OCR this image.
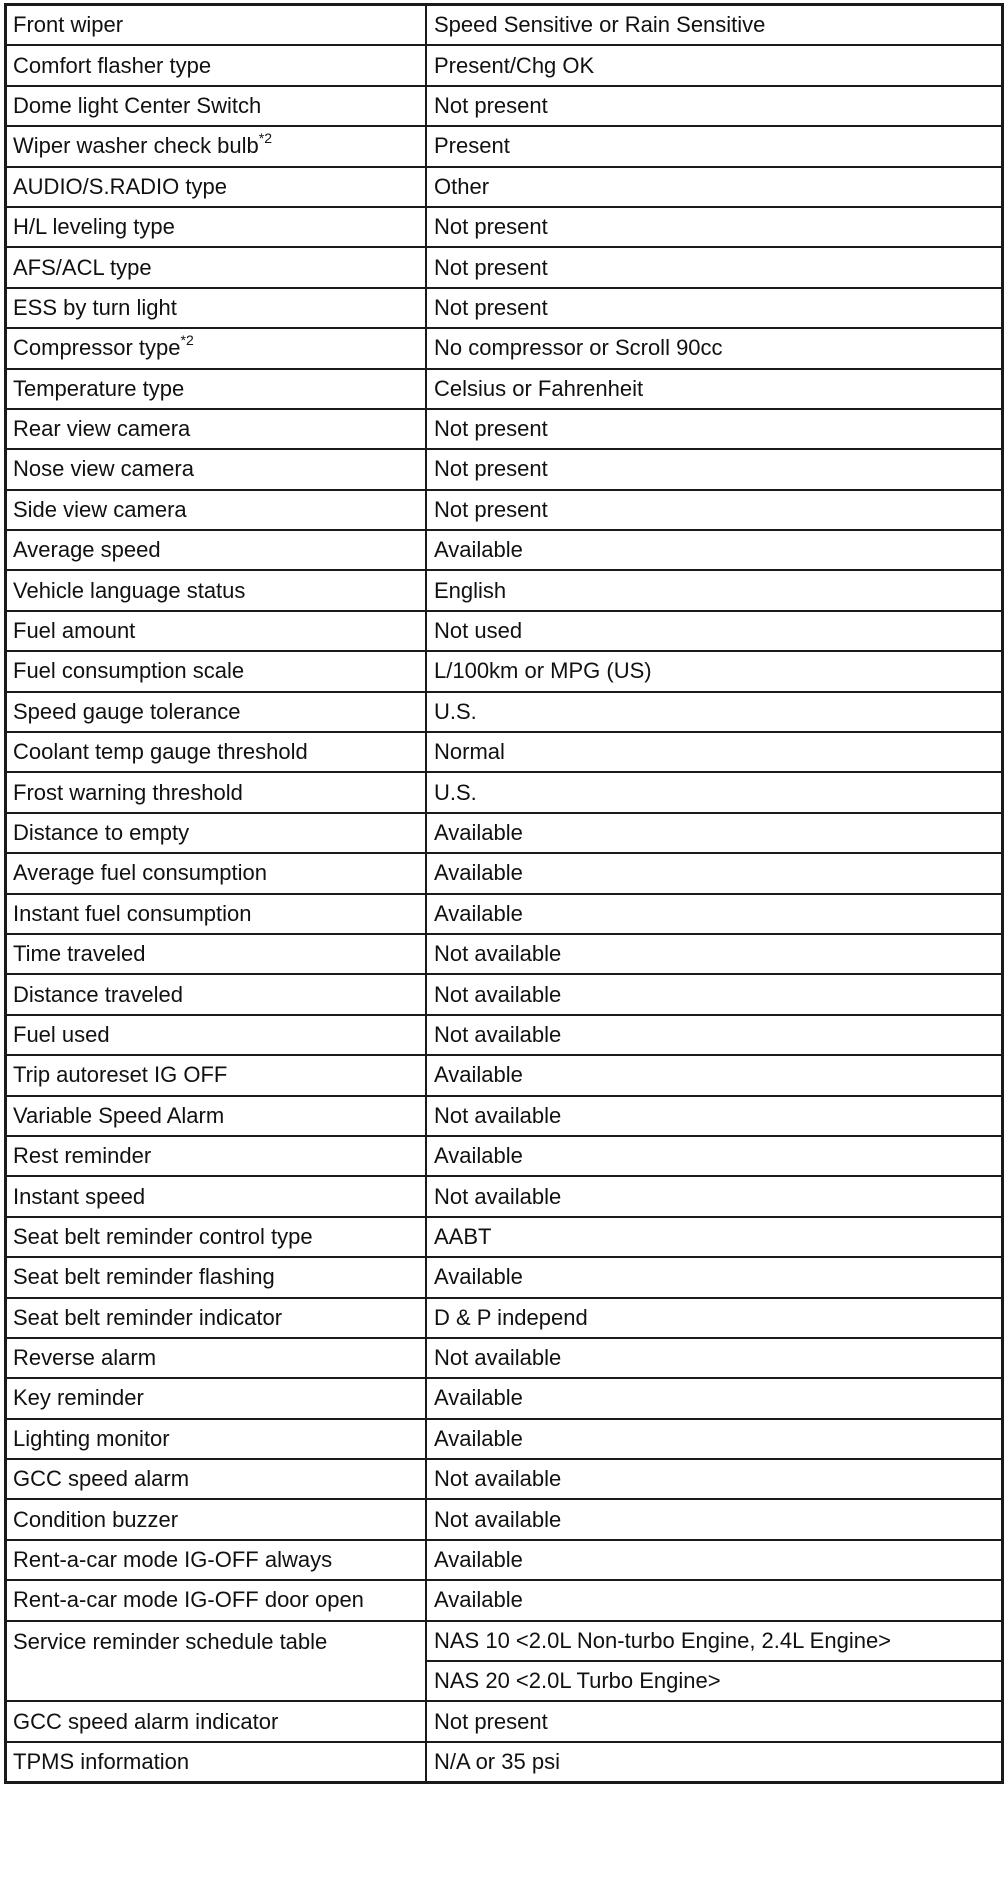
Front wiper	Speed Sensitive or Rain Sensitive
Comfort flasher type	Present/Chg OK
Dome light Center Switch	Not present
Wiper washer check bulb$^{*2}$	Present
AUDIO/S.RADIO type	Other
H/L leveling type	Not present
AFS/ACL type	Not present
ESS by turn light	Not present
Compressor type$^{*2}$	No compressor or Scroll 90cc
Temperature type	Celsius or Fahrenheit
Rear view camera	Not present
Nose view camera	Not present
Side view camera	Not present
Average speed	Available
Vehicle language status	English
Fuel amount	Not used
Fuel consumption scale	L/100km or MPG (US)
Speed gauge tolerance	U.S.
Coolant temp gauge threshold	Normal
Frost warning threshold	U.S.
Distance to empty	Available
Average fuel consumption	Available
Instant fuel consumption	Available
Time traveled	Not available
Distance traveled	Not available
Fuel used	Not available
Trip autoreset IG OFF	Available
Variable Speed Alarm	Not available
Rest reminder	Available
Instant speed	Not available
Seat belt reminder control type	AABT
Seat belt reminder flashing	Available
Seat belt reminder indicator	D & P independ
Reverse alarm	Not available
Key reminder	Available
Lighting monitor	Available
GCC speed alarm	Not available
Condition buzzer	Not available
Rent-a-car mode IG-OFF always	Available
Rent-a-car mode IG-OFF door open	Available
Service reminder schedule table	NAS 10 <2.0L Non-turbo Engine, 2.4L Engine>
	NAS 20 <2.0L Turbo Engine>
GCC speed alarm indicator	Not present
TPMS information	N/A or 35 psi
